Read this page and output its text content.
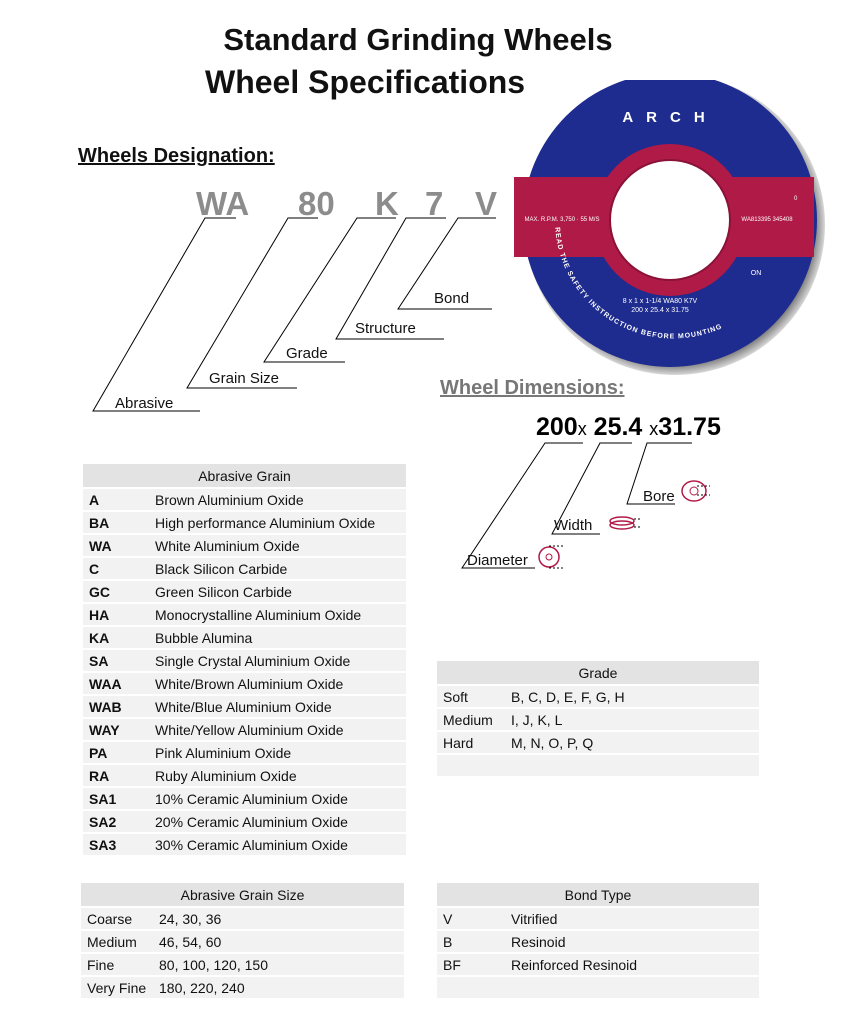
Standard Grinding Wheels
Wheel Specifications
Wheels Designation:
WA 80 K 7 V
Abrasive
Grain Size
Grade
Structure
Bond
ARCH
MAX. R.P.M. 3,750 · 55 M/S	WA813395 345408
0
ON
8 x 1 x 1-1/4 WA80 K7V
200 x 25.4 x 31.75
READ THE SAFETY INSTRUCTION BEFORE MOUNTING
Wheel Dimensions:
200x 25.4 x31.75
Bore
Width
Diameter
Abrasive Grain	
A	Brown Aluminium Oxide
BA	High performance Aluminium Oxide
WA	White Aluminium Oxide
C	Black Silicon Carbide
GC	Green Silicon Carbide
HA	Monocrystalline Aluminium Oxide
KA	Bubble Alumina
SA	Single Crystal Aluminium Oxide
WAA	White/Brown Aluminium Oxide
WAB	White/Blue Aluminium Oxide
WAY	White/Yellow Aluminium Oxide
PA	Pink Aluminium Oxide
RA	Ruby Aluminium Oxide
SA1	10% Ceramic Aluminium Oxide
SA2	20% Ceramic Aluminium Oxide
SA3	30% Ceramic Aluminium Oxide
Grade	
Soft	B, C, D, E, F, G, H
Medium	I, J, K, L
Hard	M, N, O, P, Q

Abrasive Grain Size	
Coarse	24, 30, 36
Medium	46, 54, 60
Fine	80, 100, 120, 150
Very Fine	180, 220, 240
Bond Type	
V	Vitrified
B	Resinoid
BF	Reinforced Resinoid
